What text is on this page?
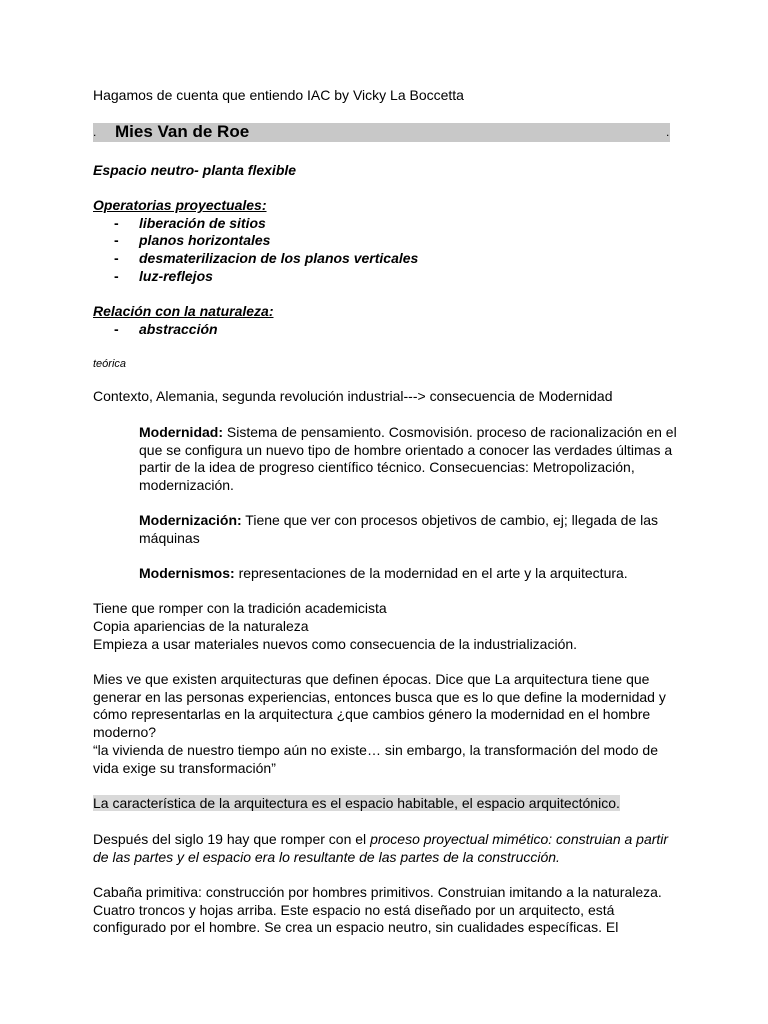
Hagamos de cuenta que entiendo IAC by Vicky La Boccetta
. Mies Van de Roe	.
Espacio neutro- planta flexible
Operatorias proyectuales:
- liberación de sitios
- planos horizontales
- desmaterilizacion de los planos verticales
- luz-reflejos
Relación con la naturaleza:
- abstracción
teórica
Contexto, Alemania, segunda revolución industrial---> consecuencia de Modernidad
Modernidad: Sistema de pensamiento. Cosmovisión. proceso de racionalización en el que se configura un nuevo tipo de hombre orientado a conocer las verdades últimas a partir de la idea de progreso científico técnico. Consecuencias: Metropolización, modernización.
Modernización: Tiene que ver con procesos objetivos de cambio, ej; llegada de las máquinas
Modernismos: representaciones de la modernidad en el arte y la arquitectura.
Tiene que romper con la tradición academicista
Copia apariencias de la naturaleza
Empieza a usar materiales nuevos como consecuencia de la industrialización.
Mies ve que existen arquitecturas que definen épocas. Dice que La arquitectura tiene que generar en las personas experiencias, entonces busca que es lo que define la modernidad y cómo representarlas en la arquitectura ¿que cambios génerο la modernidad en el hombre moderno?
“la vivienda de nuestro tiempo aún no existe… sin embargo, la transformación del modo de vida exige su transformación”
La característica de la arquitectura es el espacio habitable, el espacio arquitectónico.
Después del siglo 19 hay que romper con el proceso proyectual mimético: construian a partir de las partes y el espacio era lo resultante de las partes de la construcción.
Cabaña primitiva: construcción por hombres primitivos. Construian imitando a la naturaleza. Cuatro troncos y hojas arriba. Este espacio no está diseñado por un arquitecto, está configurado por el hombre. Se crea un espacio neutro, sin cualidades específicas. El
